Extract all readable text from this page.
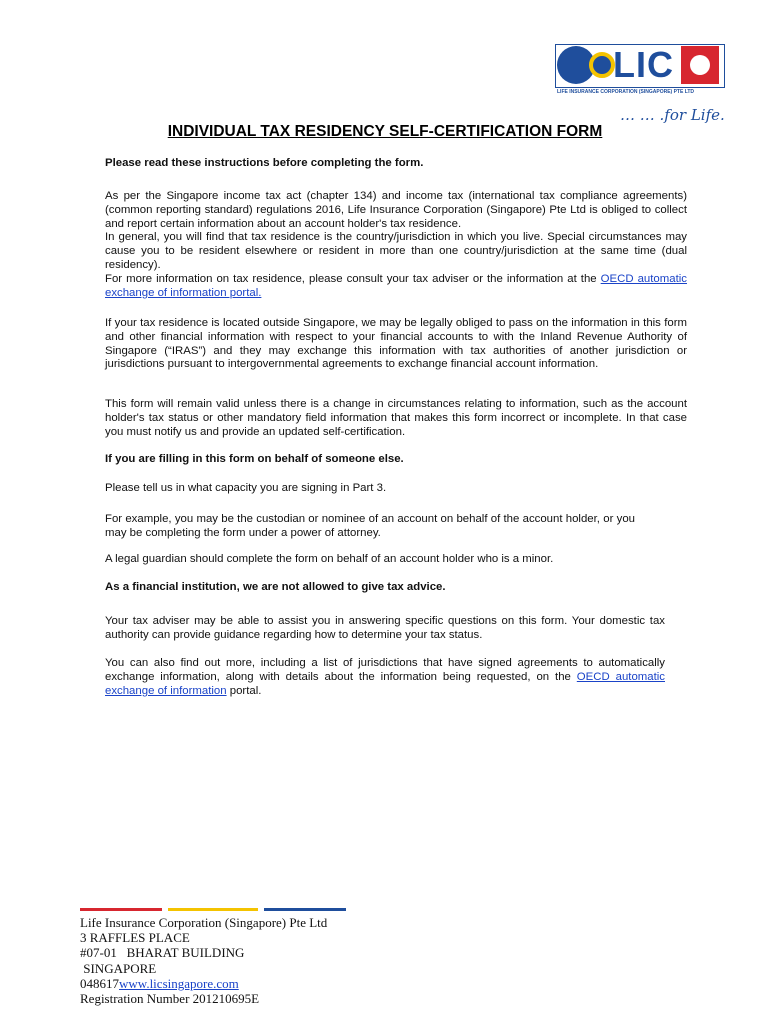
LIC
LIFE INSURANCE CORPORATION (SINGAPORE) PTE LTD
… … .for Life.
INDIVIDUAL TAX RESIDENCY SELF-CERTIFICATION FORM
Please read these instructions before completing the form.
As per the Singapore income tax act (chapter 134) and income tax (international tax compliance agreements) (common reporting standard) regulations 2016, Life Insurance Corporation (Singapore) Pte Ltd is obliged to collect and report certain information about an account holder's tax residence.
In general, you will find that tax residence is the country/jurisdiction in which you live. Special circumstances may cause you to be resident elsewhere or resident in more than one country/jurisdiction at the same time (dual residency).
For more information on tax residence, please consult your tax adviser or the information at the OECD automatic exchange of information portal.
If your tax residence is located outside Singapore, we may be legally obliged to pass on the information in this form and other financial information with respect to your financial accounts to with the Inland Revenue Authority of Singapore (“IRAS”) and they may exchange this information with tax authorities of another jurisdiction or jurisdictions pursuant to intergovernmental agreements to exchange financial account information.
This form will remain valid unless there is a change in circumstances relating to information, such as the account holder's tax status or other mandatory field information that makes this form incorrect or incomplete. In that case you must notify us and provide an updated self-certification.
If you are filling in this form on behalf of someone else.
Please tell us in what capacity you are signing in Part 3.
For example, you may be the custodian or nominee of an account on behalf of the account holder, or you may be completing the form under a power of attorney.
A legal guardian should complete the form on behalf of an account holder who is a minor.
As a financial institution, we are not allowed to give tax advice.
Your tax adviser may be able to assist you in answering specific questions on this form. Your domestic tax authority can provide guidance regarding how to determine your tax status.
You can also find out more, including a list of jurisdictions that have signed agreements to automatically exchange information, along with details about the information being requested, on the OECD automatic exchange of information portal.
Life Insurance Corporation (Singapore) Pte Ltd
3 RAFFLES PLACE
#07-01   BHARAT BUILDING
SINGAPORE
048617www.licsingapore.com
Registration Number 201210695E
